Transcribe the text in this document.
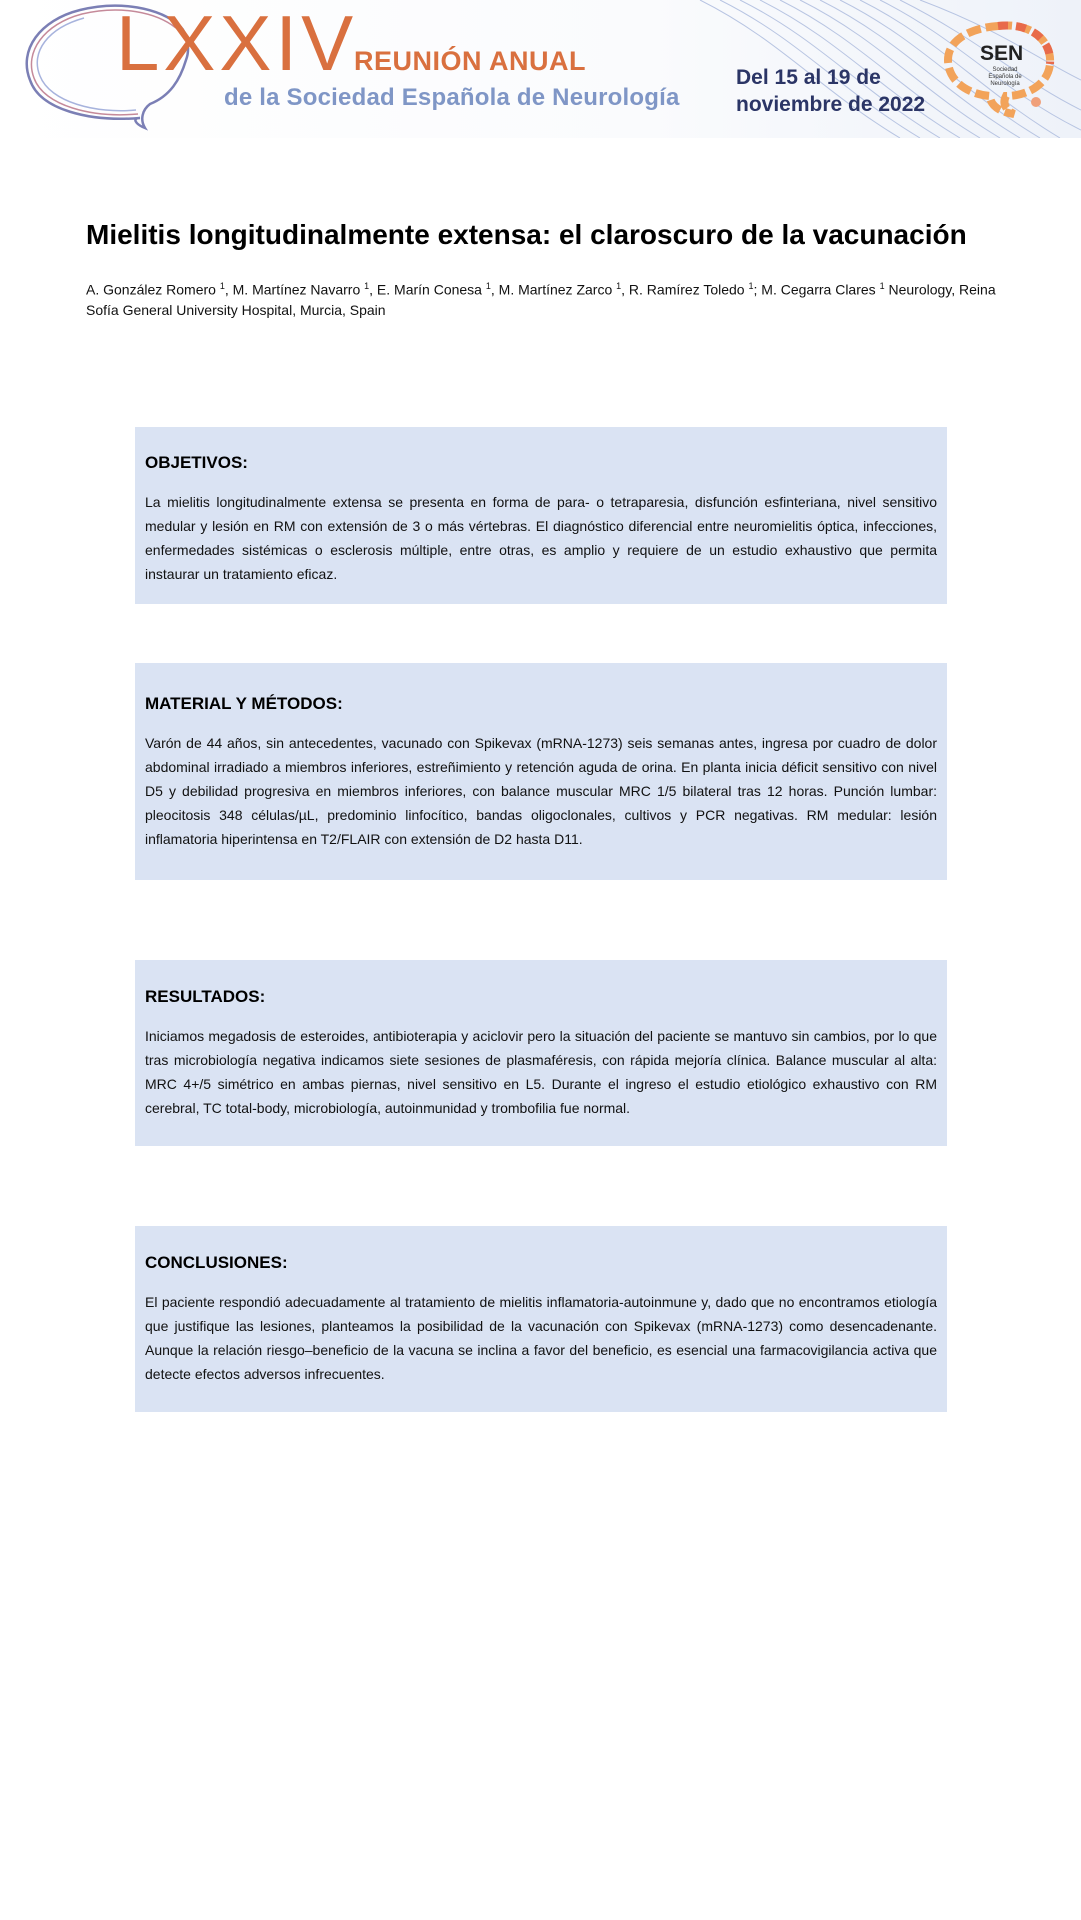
LXXIV
REUNIÓN ANUAL
de la Sociedad Española de Neurología
Del 15 al 19 de
noviembre de 2022
SEN
Sociedad Española de Neurología
Mielitis longitudinalmente extensa: el claroscuro de la vacunación
A. González Romero $^1$, M. Martínez Navarro $^1$, E. Marín Conesa $^1$, M. Martínez Zarco $^1$, R. Ramírez Toledo $^1$; M. Cegarra Clares $^1$ Neurology, Reina Sofía General University Hospital, Murcia, Spain
OBJETIVOS:

La mielitis longitudinalmente extensa se presenta en forma de para- o tetraparesia, disfunción esfinteriana, nivel sensitivo medular y lesión en RM con extensión de 3 o más vértebras. El diagnóstico diferencial entre neuromielitis óptica, infecciones, enfermedades sistémicas o esclerosis múltiple, entre otras, es amplio y requiere de un estudio exhaustivo que permita instaurar un tratamiento eficaz.

MATERIAL Y MÉTODOS:

Varón de 44 años, sin antecedentes, vacunado con Spikevax (mRNA-1273) seis semanas antes, ingresa por cuadro de dolor abdominal irradiado a miembros inferiores, estreñimiento y retención aguda de orina. En planta inicia déficit sensitivo con nivel D5 y debilidad progresiva en miembros inferiores, con balance muscular MRC 1/5 bilateral tras 12 horas. Punción lumbar: pleocitosis 348 células/µL, predominio linfocítico, bandas oligoclonales, cultivos y PCR negativas. RM medular: lesión inflamatoria hiperintensa en T2/FLAIR con extensión de D2 hasta D11.

RESULTADOS:

Iniciamos megadosis de esteroides, antibioterapia y aciclovir pero la situación del paciente se mantuvo sin cambios, por lo que tras microbiología negativa indicamos siete sesiones de plasmaféresis, con rápida mejoría clínica. Balance muscular al alta: MRC 4+/5 simétrico en ambas piernas, nivel sensitivo en L5. Durante el ingreso el estudio etiológico exhaustivo con RM cerebral, TC total-body, microbiología, autoinmunidad y trombofilia fue normal.

CONCLUSIONES:

El paciente respondió adecuadamente al tratamiento de mielitis inflamatoria-autoinmune y, dado que no encontramos etiología que justifique las lesiones, planteamos la posibilidad de la vacunación con Spikevax (mRNA-1273) como desencadenante. Aunque la relación riesgo–beneficio de la vacuna se inclina a favor del beneficio, es esencial una farmacovigilancia activa que detecte efectos adversos infrecuentes.
